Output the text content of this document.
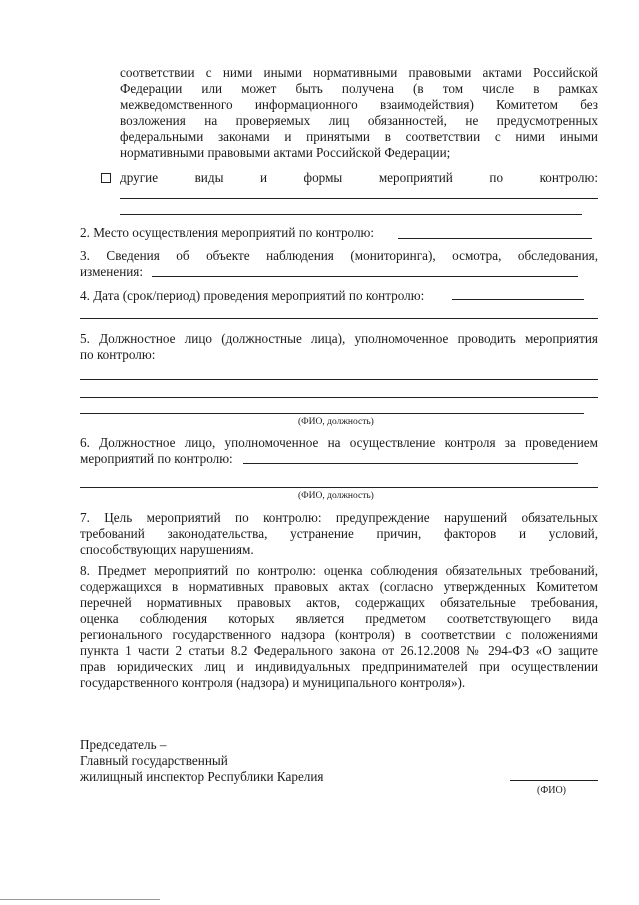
соответствии с ними иными нормативными правовыми актами Российской
Федерации или может быть получена (в том числе в рамках
межведомственного информационного взаимодействия) Комитетом без
возложения на проверяемых лиц обязанностей, не предусмотренных
федеральными законами и принятыми в соответствии с ними иными
нормативными правовыми актами Российской Федерации;
другие виды и формы мероприятий по контролю:
2. Место осуществления мероприятий по контролю:
3. Сведения об объекте наблюдения (мониторинга), осмотра, обследования,
изменения:
4. Дата (срок/период) проведения мероприятий по контролю:
5. Должностное лицо (должностные лица), уполномоченное проводить мероприятия
по контролю:
(ФИО, должность)
6. Должностное лицо, уполномоченное на осуществление контроля за проведением
мероприятий по контролю:
(ФИО, должность)
7. Цель мероприятий по контролю: предупреждение нарушений обязательных
требований законодательства, устранение причин, факторов и условий,
способствующих нарушениям.
8. Предмет мероприятий по контролю: оценка соблюдения обязательных требований,
содержащихся в нормативных правовых актах (согласно утвержденных Комитетом
перечней нормативных правовых актов, содержащих обязательные требования,
оценка соблюдения которых является предметом соответствующего вида
регионального государственного надзора (контроля) в соответствии с положениями
пункта 1 части 2 статьи 8.2 Федерального закона от 26.12.2008 № 294-ФЗ «О защите
прав юридических лиц и индивидуальных предпринимателей при осуществлении
государственного контроля (надзора) и муниципального контроля»).
Председатель –
Главный государственный
жилищный инспектор Республики Карелия
(ФИО)
